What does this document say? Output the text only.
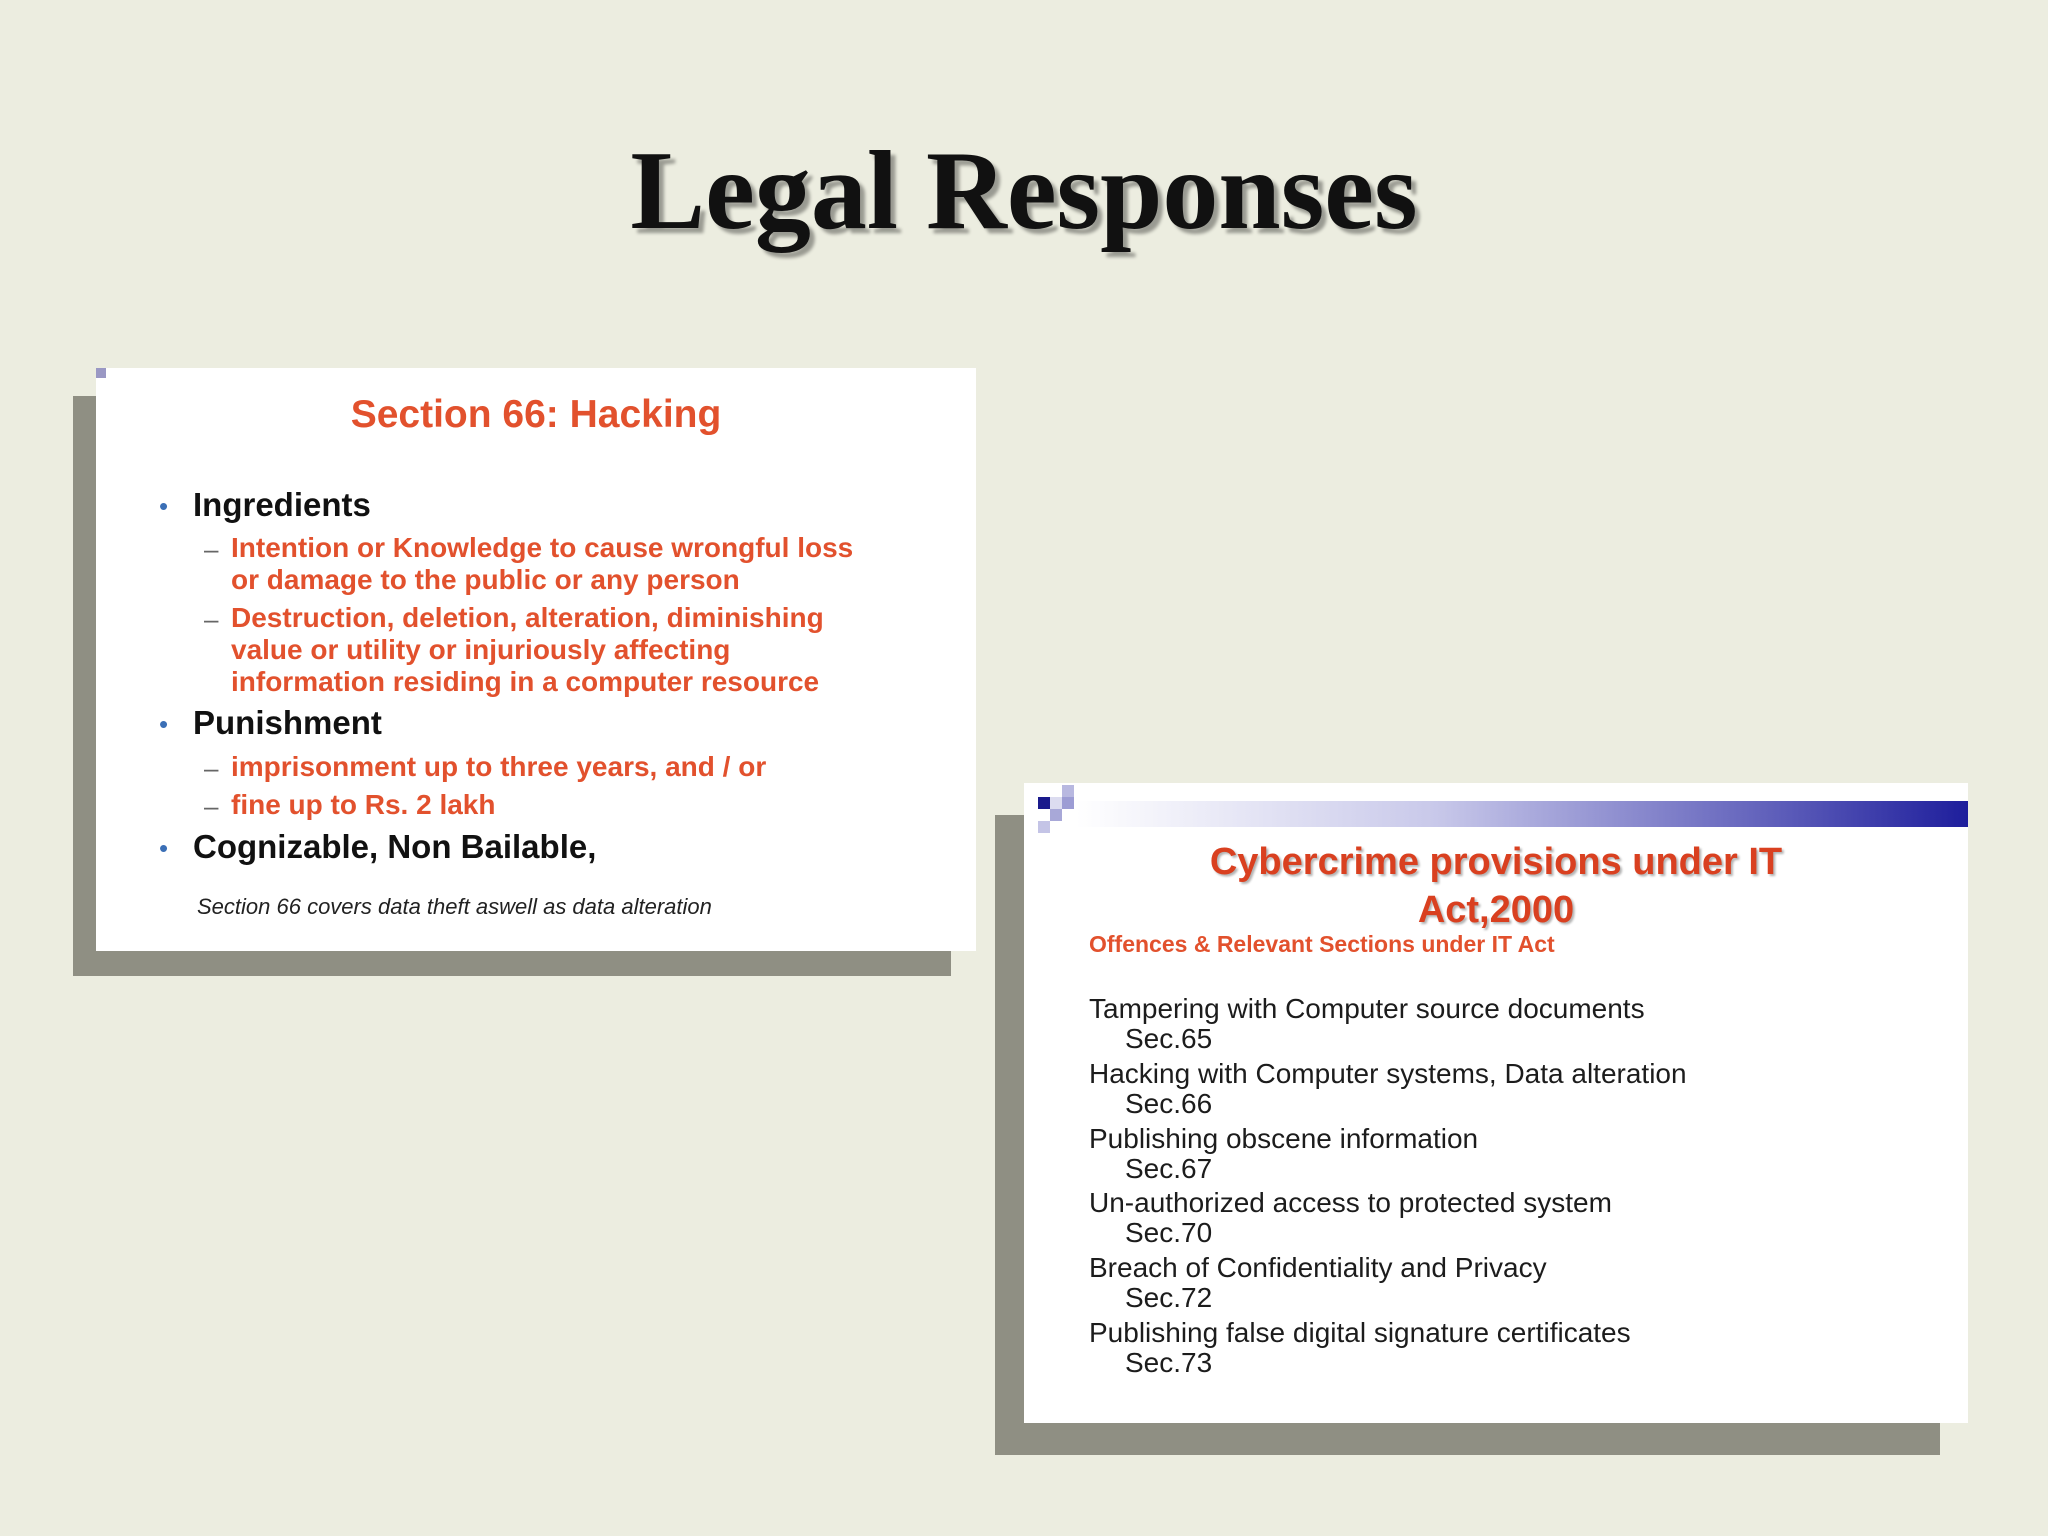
Legal Responses
Section 66: Hacking
• Ingredients
– Intention or Knowledge to cause wrongful loss
or damage to the public or any person
– Destruction, deletion, alteration, diminishing
value or utility or injuriously affecting
information residing in a computer resource
• Punishment
– imprisonment up to three years, and / or
– fine up to Rs. 2 lakh
• Cognizable, Non Bailable,
Section 66 covers data theft aswell as data alteration
Cybercrime provisions under IT
Act,2000
Offences & Relevant Sections under IT Act
Tampering with Computer source documents
Sec.65
Hacking with Computer systems, Data alteration
Sec.66
Publishing obscene information
Sec.67
Un-authorized access to protected system
Sec.70
Breach of Confidentiality and Privacy
Sec.72
Publishing false digital signature certificates
Sec.73
